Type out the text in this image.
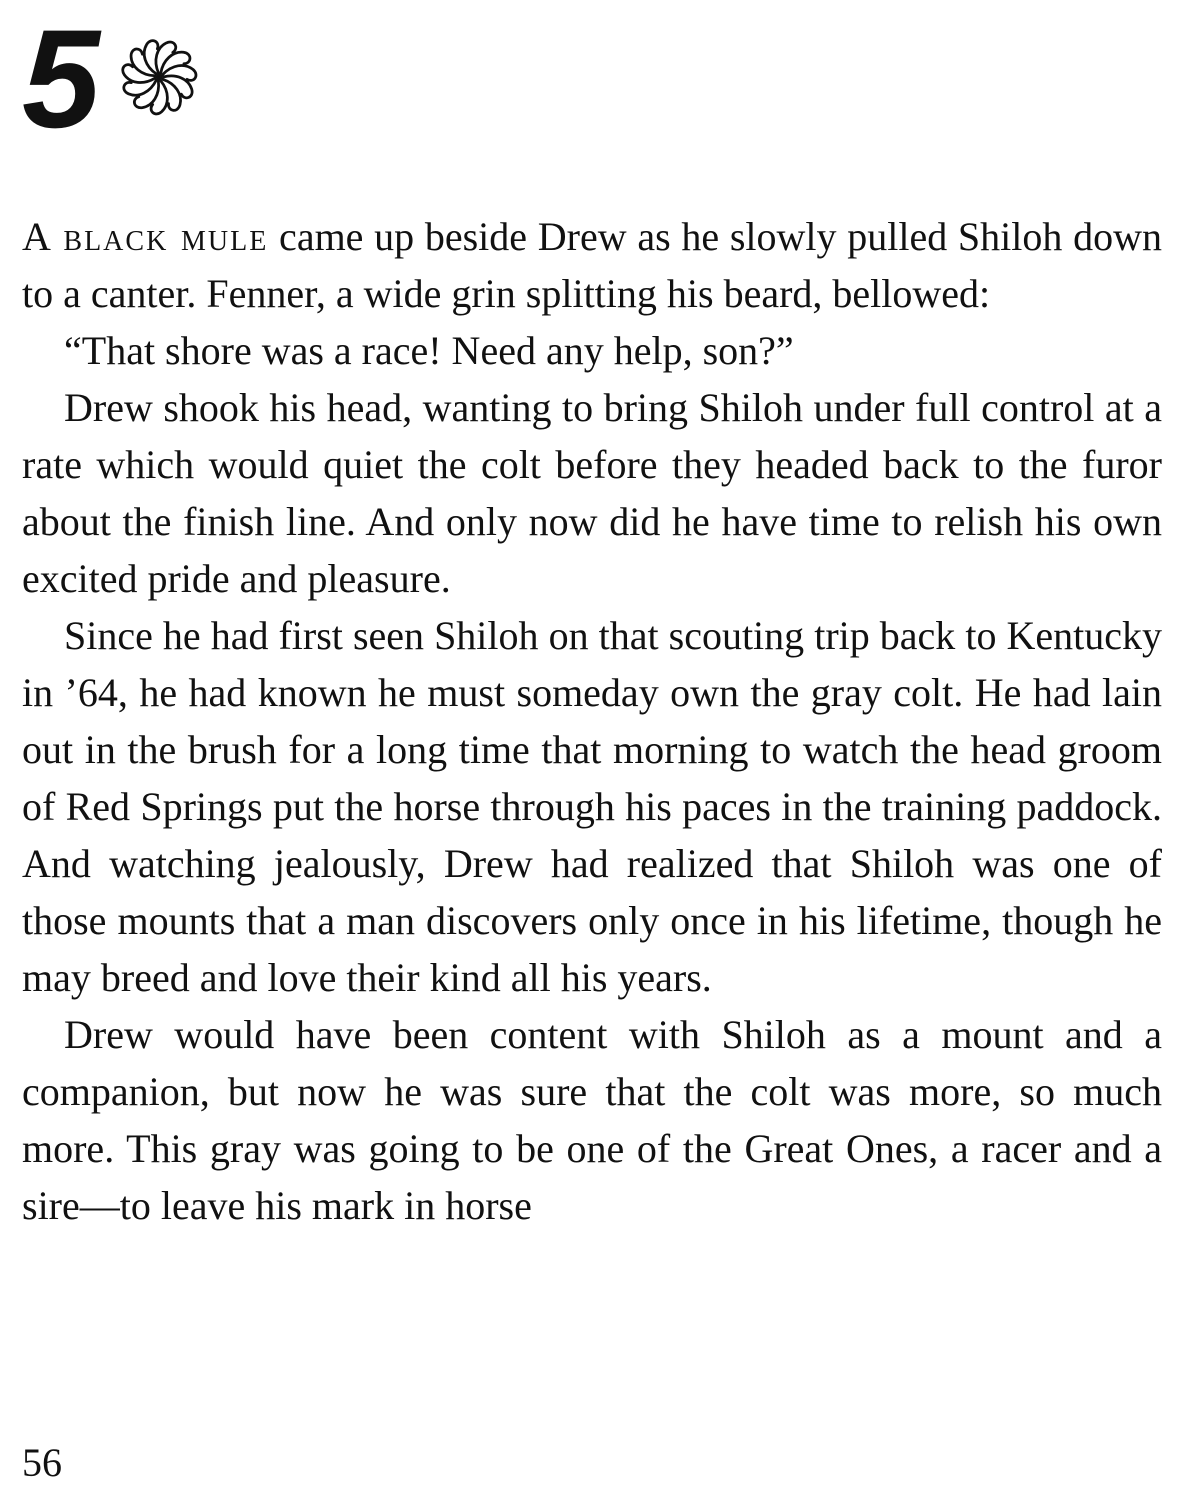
5

A black mule came up beside Drew as he slowly pulled Shiloh down to a canter. Fenner, a wide grin splitting his beard, bellowed:

“That shore was a race! Need any help, son?”

Drew shook his head, wanting to bring Shiloh under full control at a rate which would quiet the colt before they headed back to the furor about the finish line. And only now did he have time to relish his own excited pride and pleasure.

Since he had first seen Shiloh on that scouting trip back to Kentucky in ’64, he had known he must someday own the gray colt. He had lain out in the brush for a long time that morning to watch the head groom of Red Springs put the horse through his paces in the training paddock. And watching jealously, Drew had realized that Shiloh was one of those mounts that a man discovers only once in his lifetime, though he may breed and love their kind all his years.

Drew would have been content with Shiloh as a mount and a companion, but now he was sure that the colt was more, so much more. This gray was going to be one of the Great Ones, a racer and a sire—to leave his mark in horse

56
